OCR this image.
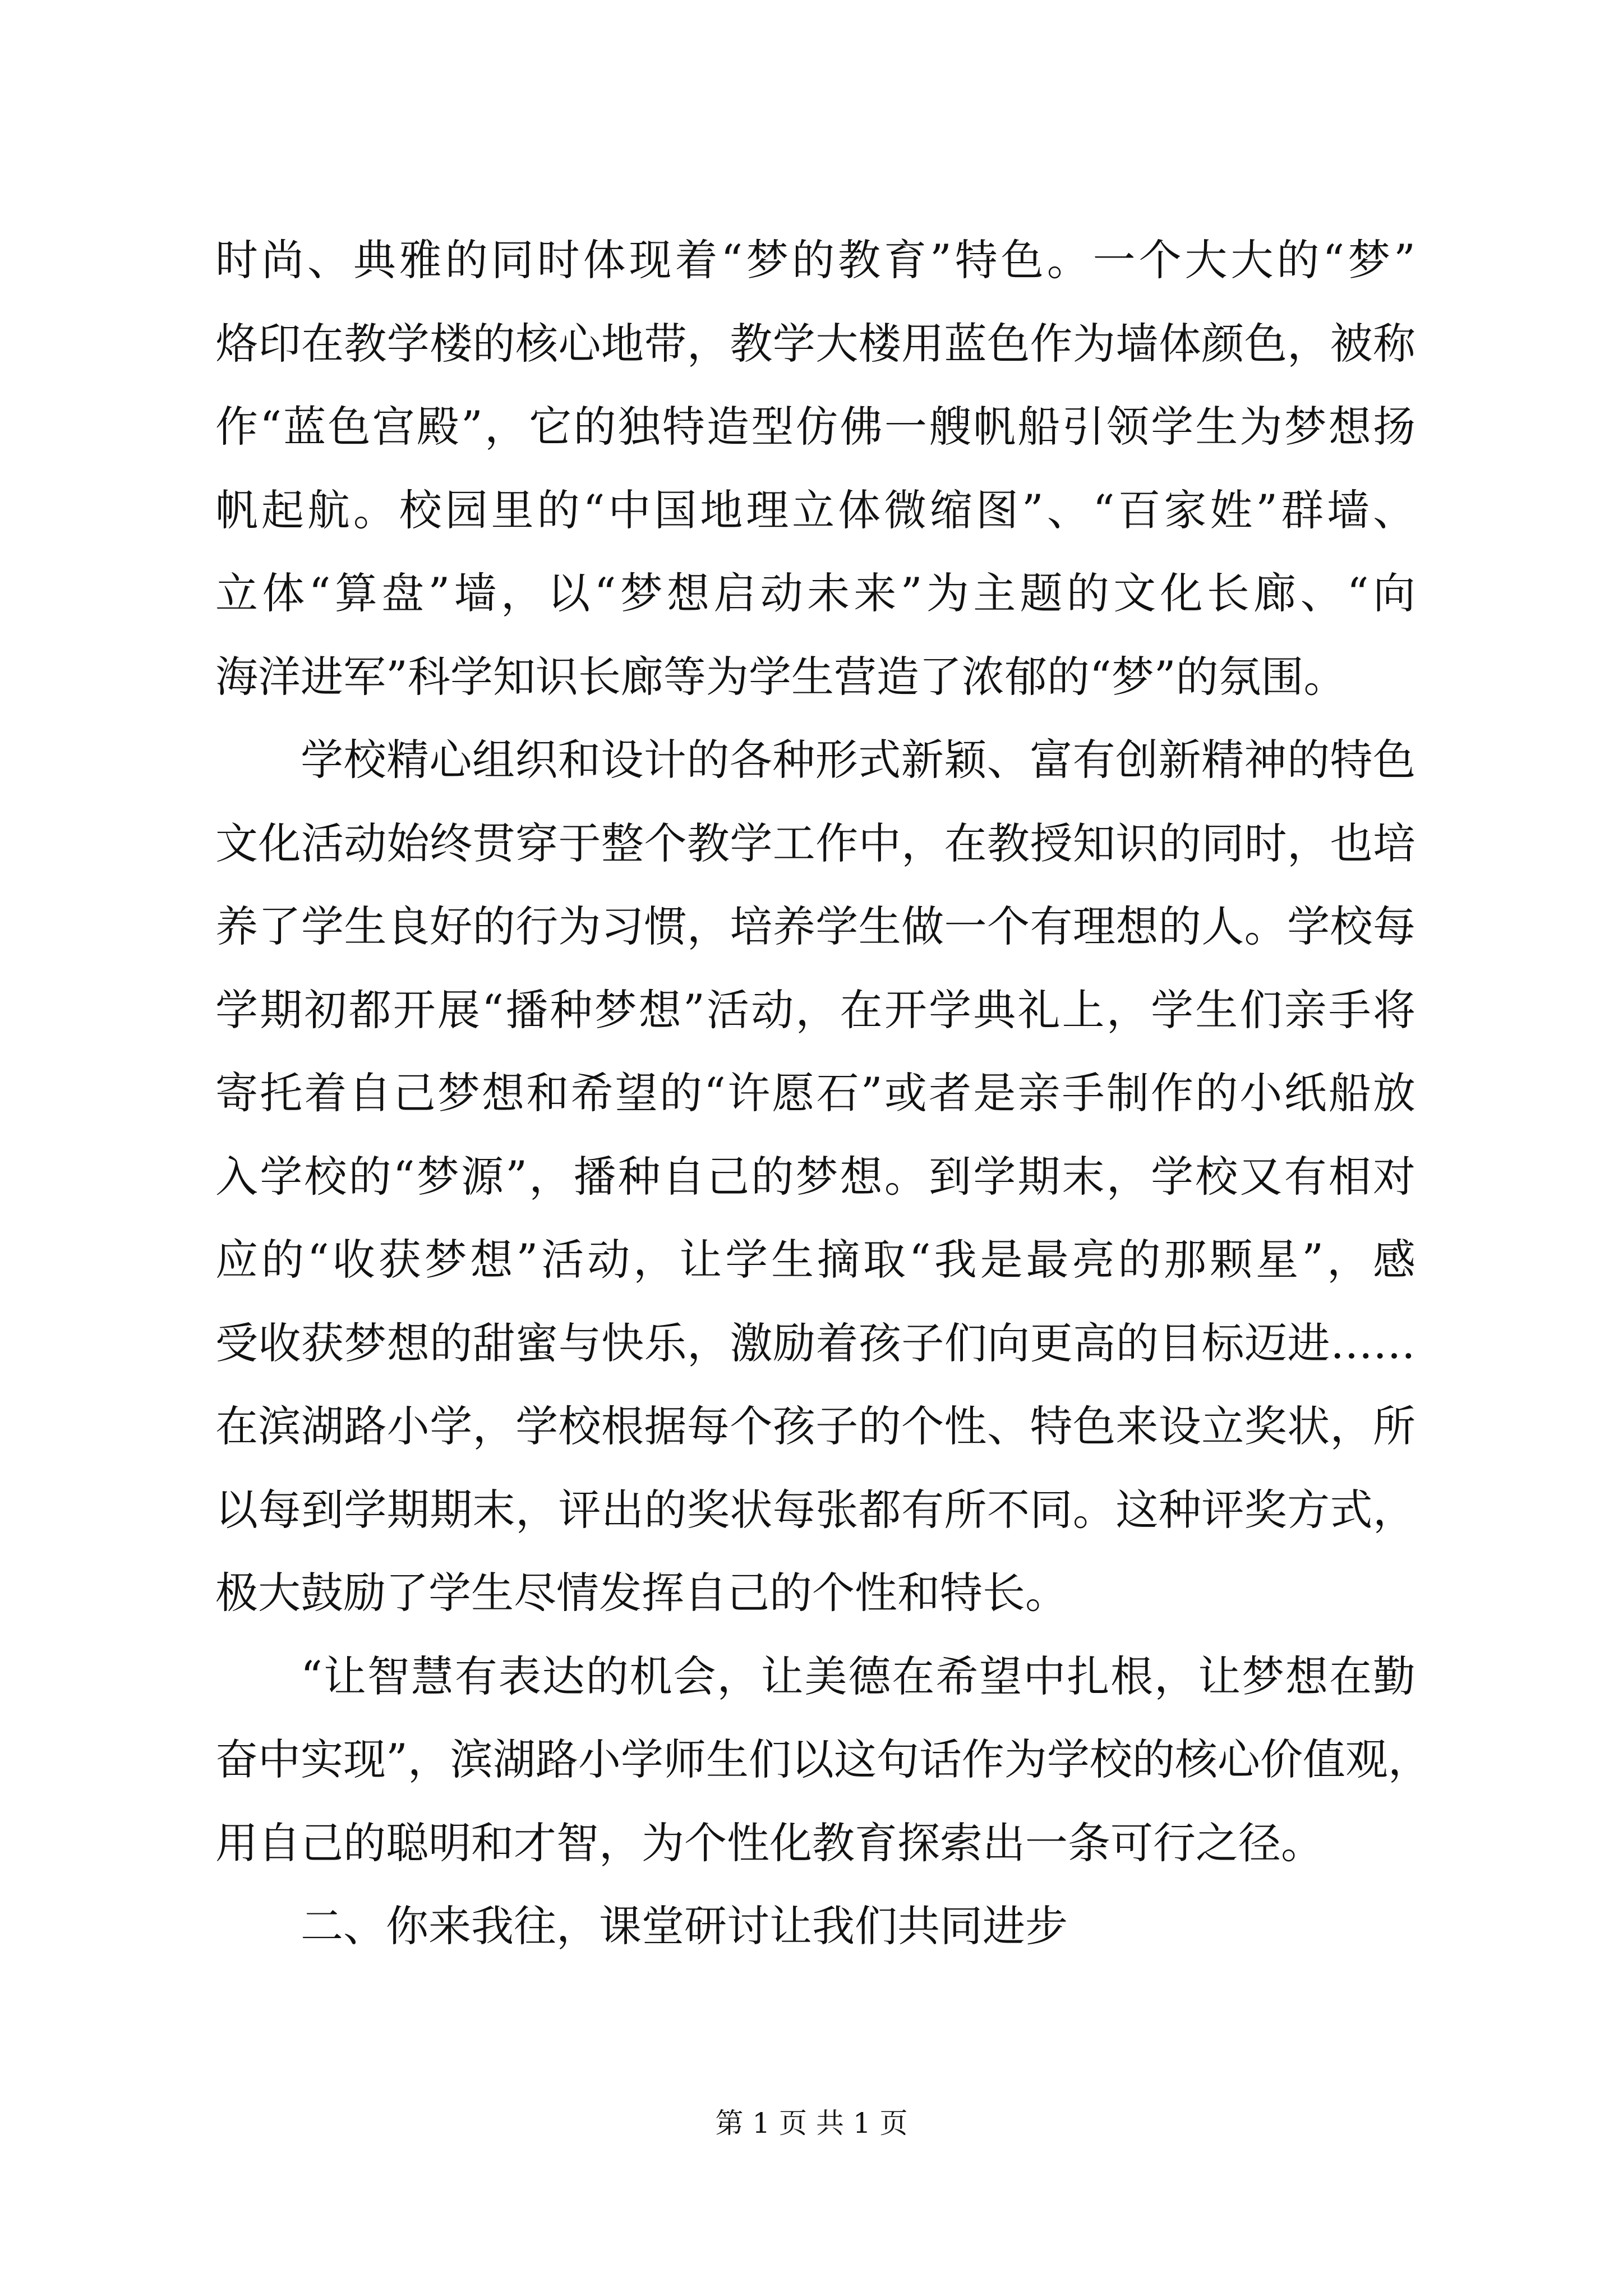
时尚、典雅的同时体现着“梦的教育”特色。一个大大的“梦”
烙印在教学楼的核心地带，教学大楼用蓝色作为墙体颜色，被称
作“蓝色宫殿”，它的独特造型仿佛一艘帆船引领学生为梦想扬
帆起航。校园里的“中国地理立体微缩图”、“百家姓”群墙、
立体“算盘”墙，以“梦想启动未来”为主题的文化长廊、“向
海洋进军”科学知识长廊等为学生营造了浓郁的“梦”的氛围。
学校精心组织和设计的各种形式新颖、富有创新精神的特色
文化活动始终贯穿于整个教学工作中，在教授知识的同时，也培
养了学生良好的行为习惯，培养学生做一个有理想的人。学校每
学期初都开展“播种梦想”活动，在开学典礼上，学生们亲手将
寄托着自己梦想和希望的“许愿石”或者是亲手制作的小纸船放
入学校的“梦源”，播种自己的梦想。到学期末，学校又有相对
应的“收获梦想”活动，让学生摘取“我是最亮的那颗星”，感
受收获梦想的甜蜜与快乐，激励着孩子们向更高的目标迈进……
在滨湖路小学，学校根据每个孩子的个性、特色来设立奖状，所
以每到学期期末，评出的奖状每张都有所不同。这种评奖方式，
极大鼓励了学生尽情发挥自己的个性和特长。
“让智慧有表达的机会，让美德在希望中扎根，让梦想在勤
奋中实现”，滨湖路小学师生们以这句话作为学校的核心价值观，
用自己的聪明和才智，为个性化教育探索出一条可行之径。
二、你来我往，课堂研讨让我们共同进步
第 1 页 共 1 页
